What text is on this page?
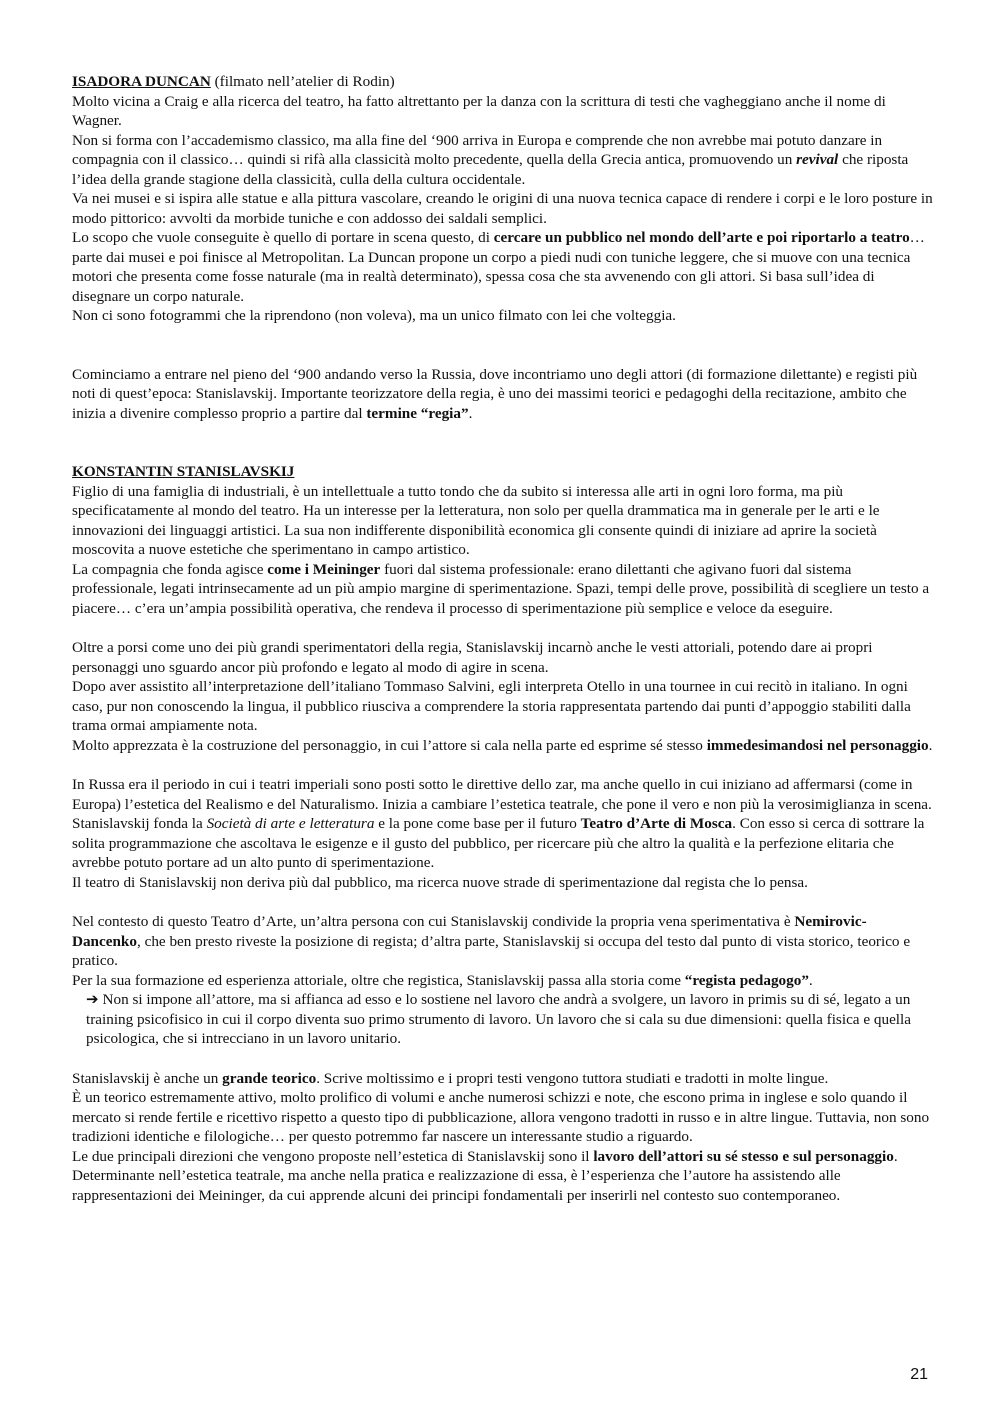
ISADORA DUNCAN (filmato nell’atelier di Rodin)

Molto vicina a Craig e alla ricerca del teatro, ha fatto altrettanto per la danza con la scrittura di testi che vagheggiano anche il nome di Wagner.

Non si forma con l’accademismo classico, ma alla fine del ‘900 arriva in Europa e comprende che non avrebbe mai potuto danzare in compagnia con il classico… quindi si rifà alla classicità molto precedente, quella della Grecia antica, promuovendo un revival che riposta l’idea della grande stagione della classicità, culla della cultura occidentale.

Va nei musei e si ispira alle statue e alla pittura vascolare, creando le origini di una nuova tecnica capace di rendere i corpi e le loro posture in modo pittorico: avvolti da morbide tuniche e con addosso dei saldali semplici.

Lo scopo che vuole conseguite è quello di portare in scena questo, di cercare un pubblico nel mondo dell’arte e poi riportarlo a teatro… parte dai musei e poi finisce al Metropolitan. La Duncan propone un corpo a piedi nudi con tuniche leggere, che si muove con una tecnica motori che presenta come fosse naturale (ma in realtà determinato), spessa cosa che sta avvenendo con gli attori. Si basa sull’idea di disegnare un corpo naturale.

Non ci sono fotogrammi che la riprendono (non voleva), ma un unico filmato con lei che volteggia.

Cominciamo a entrare nel pieno del ‘900 andando verso la Russia, dove incontriamo uno degli attori (di formazione dilettante) e registi più noti di quest’epoca: Stanislavskij. Importante teorizzatore della regia, è uno dei massimi teorici e pedagoghi della recitazione, ambito che inizia a divenire complesso proprio a partire dal termine “regia”.

KONSTANTIN STANISLAVSKIJ

Figlio di una famiglia di industriali, è un intellettuale a tutto tondo che da subito si interessa alle arti in ogni loro forma, ma più specificatamente al mondo del teatro. Ha un interesse per la letteratura, non solo per quella drammatica ma in generale per le arti e le innovazioni dei linguaggi artistici. La sua non indifferente disponibilità economica gli consente quindi di iniziare ad aprire la società moscovita a nuove estetiche che sperimentano in campo artistico.

La compagnia che fonda agisce come i Meininger fuori dal sistema professionale: erano dilettanti che agivano fuori dal sistema professionale, legati intrinsecamente ad un più ampio margine di sperimentazione. Spazi, tempi delle prove, possibilità di scegliere un testo a piacere… c’era un’ampia possibilità operativa, che rendeva il processo di sperimentazione più semplice e veloce da eseguire.

Oltre a porsi come uno dei più grandi sperimentatori della regia, Stanislavskij incarnò anche le vesti attoriali, potendo dare ai propri personaggi uno sguardo ancor più profondo e legato al modo di agire in scena.

Dopo aver assistito all’interpretazione dell’italiano Tommaso Salvini, egli interpreta Otello in una tournee in cui recitò in italiano. In ogni caso, pur non conoscendo la lingua, il pubblico riusciva a comprendere la storia rappresentata partendo dai punti d’appoggio stabiliti dalla trama ormai ampiamente nota.

Molto apprezzata è la costruzione del personaggio, in cui l’attore si cala nella parte ed esprime sé stesso immedesimandosi nel personaggio.

In Russa era il periodo in cui i teatri imperiali sono posti sotto le direttive dello zar, ma anche quello in cui iniziano ad affermarsi (come in Europa) l’estetica del Realismo e del Naturalismo. Inizia a cambiare l’estetica teatrale, che pone il vero e non più la verosimiglianza in scena.

Stanislavskij fonda la Società di arte e letteratura e la pone come base per il futuro Teatro d’Arte di Mosca. Con esso si cerca di sottrare la solita programmazione che ascoltava le esigenze e il gusto del pubblico, per ricercare più che altro la qualità e la perfezione elitaria che avrebbe potuto portare ad un alto punto di sperimentazione.

Il teatro di Stanislavskij non deriva più dal pubblico, ma ricerca nuove strade di sperimentazione dal regista che lo pensa.

Nel contesto di questo Teatro d’Arte, un’altra persona con cui Stanislavskij condivide la propria vena sperimentativa è Nemirovic-Dancenko, che ben presto riveste la posizione di regista; d’altra parte, Stanislavskij si occupa del testo dal punto di vista storico, teorico e pratico.

Per la sua formazione ed esperienza attoriale, oltre che registica, Stanislavskij passa alla storia come “regista pedagogo”.

➔ Non si impone all’attore, ma si affianca ad esso e lo sostiene nel lavoro che andrà a svolgere, un lavoro in primis su di sé, legato a un training psicofisico in cui il corpo diventa suo primo strumento di lavoro. Un lavoro che si cala su due dimensioni: quella fisica e quella psicologica, che si intrecciano in un lavoro unitario.

Stanislavskij è anche un grande teorico. Scrive moltissimo e i propri testi vengono tuttora studiati e tradotti in molte lingue.

È un teorico estremamente attivo, molto prolifico di volumi e anche numerosi schizzi e note, che escono prima in inglese e solo quando il mercato si rende fertile e ricettivo rispetto a questo tipo di pubblicazione, allora vengono tradotti in russo e in altre lingue. Tuttavia, non sono tradizioni identiche e filologiche… per questo potremmo far nascere un interessante studio a riguardo.

Le due principali direzioni che vengono proposte nell’estetica di Stanislavskij sono il lavoro dell’attori su sé stesso e sul personaggio. Determinante nell’estetica teatrale, ma anche nella pratica e realizzazione di essa, è l’esperienza che l’autore ha assistendo alle rappresentazioni dei Meininger, da cui apprende alcuni dei principi fondamentali per inserirli nel contesto suo contemporaneo.

21
